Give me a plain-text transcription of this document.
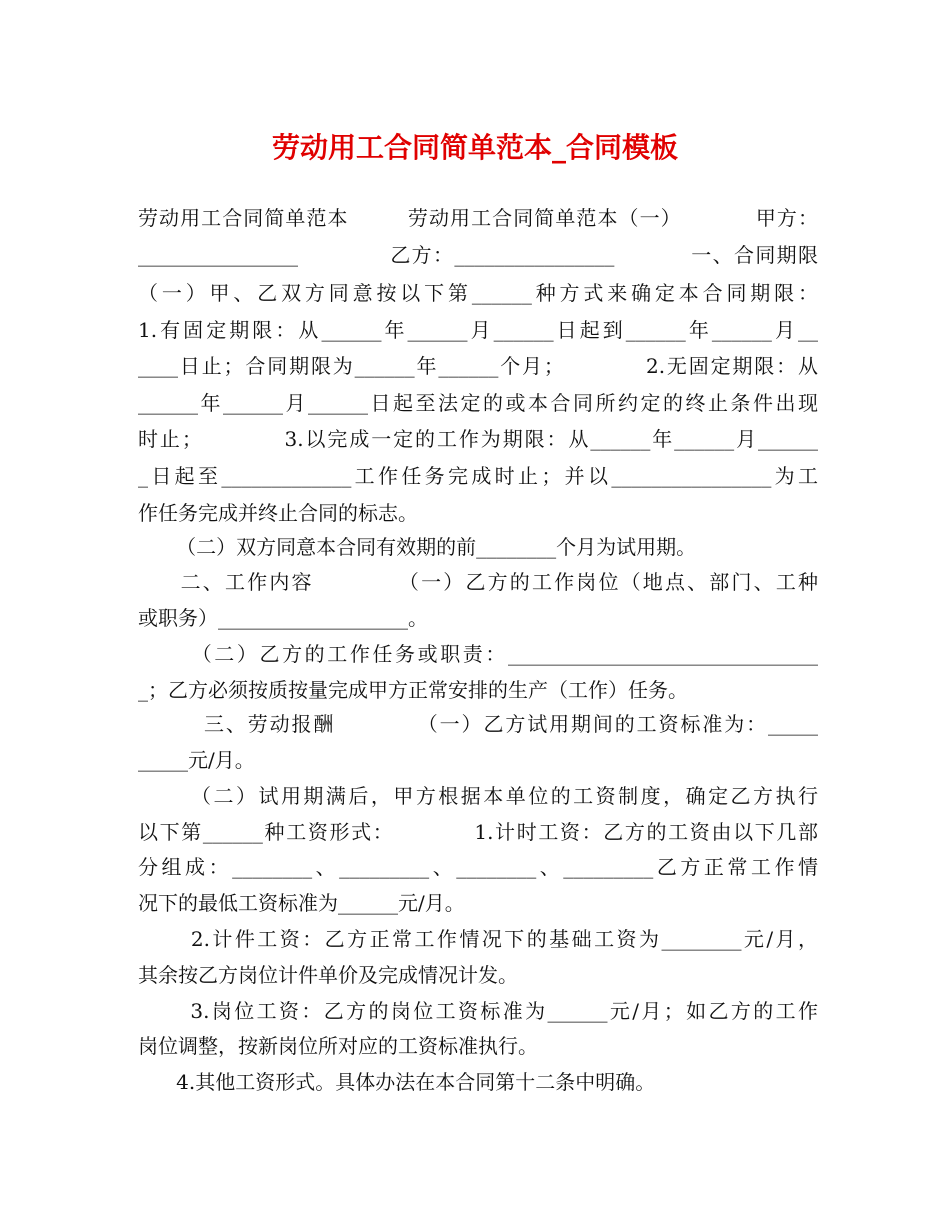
劳动用工合同简单范本_合同模板
劳动用工合同简单范本        劳动用工合同简单范本（一）          甲方：
________________            乙方：________________          一、合同期限
（一）甲、乙双方同意按以下第______种方式来确定本合同期限：
1.有固定期限：从______年______月______日起到______年______月__
____日止；合同期限为______年______个月；          2.无固定期限：从
______年______月______日起至法定的或本合同所约定的终止条件出现
时止；          3.以完成一定的工作为期限：从______年______月______
_日起至_____________工作任务完成时止；并以________________为工
作任务完成并终止合同的标志。
（二）双方同意本合同有效期的前________个月为试用期。
二、工作内容          （一）乙方的工作岗位（地点、部门、工种
或职务）___________________。
（二）乙方的工作任务或职责：_______________________________
_；乙方必须按质按量完成甲方正常安排的生产（工作）任务。
三、劳动报酬          （一）乙方试用期间的工资标准为：_____
_____元/月。
（二）试用期满后，甲方根据本单位的工资制度，确定乙方执行
以下第______种工资形式：          1.计时工资：乙方的工资由以下几部
分组成：________、_________、________、_________乙方正常工作情
况下的最低工资标准为______元/月。
2.计件工资：乙方正常工作情况下的基础工资为________元/月，
其余按乙方岗位计件单价及完成情况计发。
3.岗位工资：乙方的岗位工资标准为______元/月；如乙方的工作
岗位调整，按新岗位所对应的工资标准执行。
4.其他工资形式。具体办法在本合同第十二条中明确。
